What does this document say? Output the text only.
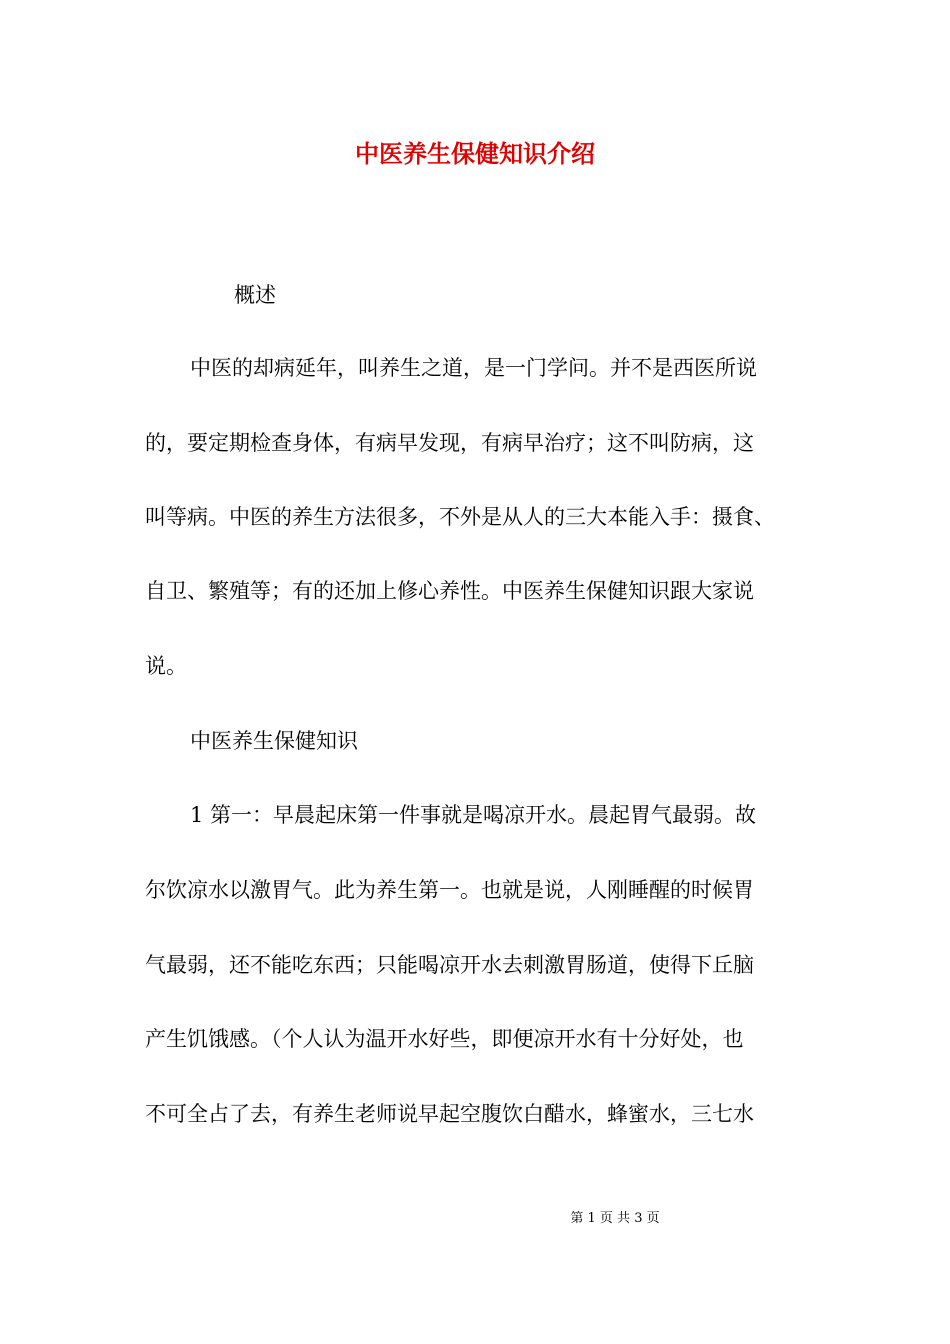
中医养生保健知识介绍
概述
中医的却病延年，叫养生之道，是一门学问。并不是西医所说
的，要定期检查身体，有病早发现，有病早治疗；这不叫防病，这
叫等病。中医的养生方法很多，不外是从人的三大本能入手：摄食、
自卫、繁殖等；有的还加上修心养性。中医养生保健知识跟大家说
说。
中医养生保健知识
1 第一：早晨起床第一件事就是喝凉开水。晨起胃气最弱。故
尔饮凉水以激胃气。此为养生第一。也就是说，人刚睡醒的时候胃
气最弱，还不能吃东西；只能喝凉开水去刺激胃肠道，使得下丘脑
产生饥饿感。（个人认为温开水好些，即便凉开水有十分好处，也
不可全占了去，有养生老师说早起空腹饮白醋水，蜂蜜水，三七水
第 1 页 共 3 页
